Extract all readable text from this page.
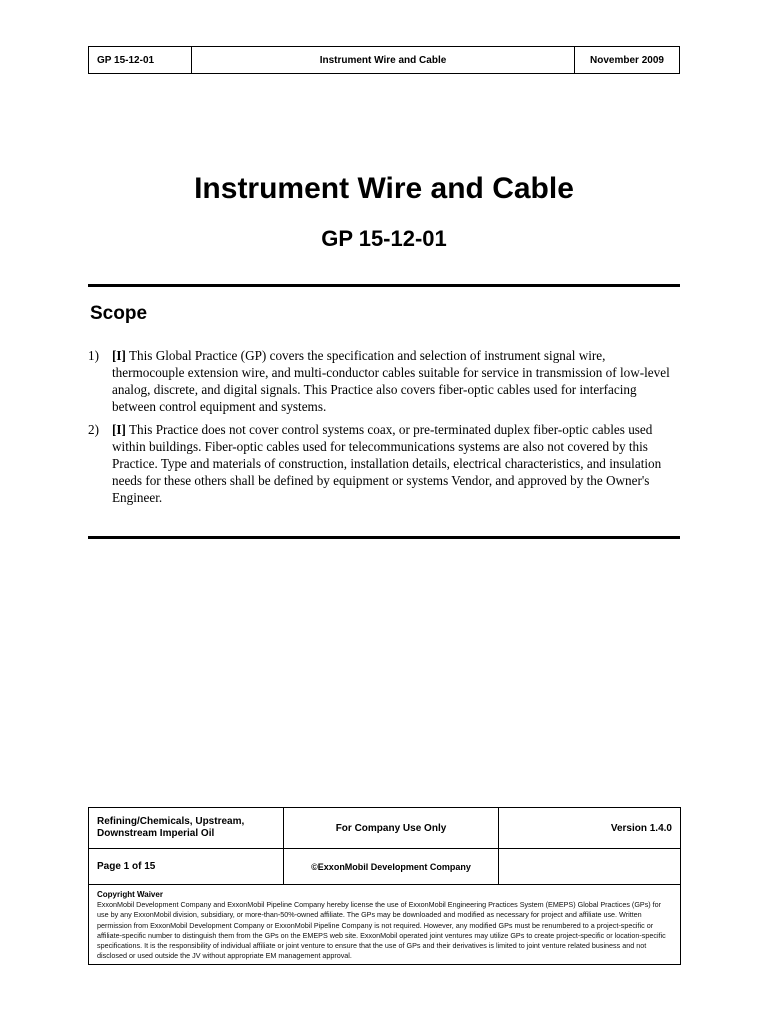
GP 15-12-01	Instrument Wire and Cable	November 2009
Instrument Wire and Cable
GP 15-12-01
Scope
1) [I] This Global Practice (GP) covers the specification and selection of instrument signal wire, thermocouple extension wire, and multi-conductor cables suitable for service in transmission of low-level analog, discrete, and digital signals. This Practice also covers fiber-optic cables used for interfacing between control equipment and systems.
2) [I] This Practice does not cover control systems coax, or pre-terminated duplex fiber-optic cables used within buildings. Fiber-optic cables used for telecommunications systems are also not covered by this Practice. Type and materials of construction, installation details, electrical characteristics, and insulation needs for these others shall be defined by equipment or systems Vendor, and approved by the Owner's Engineer.
Refining/Chemicals, Upstream, Downstream Imperial Oil	For Company Use Only	Version 1.4.0
Page 1 of 15	©ExxonMobil Development Company
Copyright Waiver
ExxonMobil Development Company and ExxonMobil Pipeline Company hereby license the use of ExxonMobil Engineering Practices System (EMEPS) Global Practices (GPs) for use by any ExxonMobil division, subsidiary, or more-than-50%-owned affiliate. The GPs may be downloaded and modified as necessary for project and affiliate use. Written permission from ExxonMobil Development Company or ExxonMobil Pipeline Company is not required. However, any modified GPs must be renumbered to a project-specific or affiliate-specific number to distinguish them from the GPs on the EMEPS web site. ExxonMobil operated joint ventures may utilize GPs to create project-specific or location-specific specifications. It is the responsibility of individual affiliate or joint venture to ensure that the use of GPs and their derivatives is limited to joint venture related business and not disclosed or used outside the JV without appropriate EM management approval.
